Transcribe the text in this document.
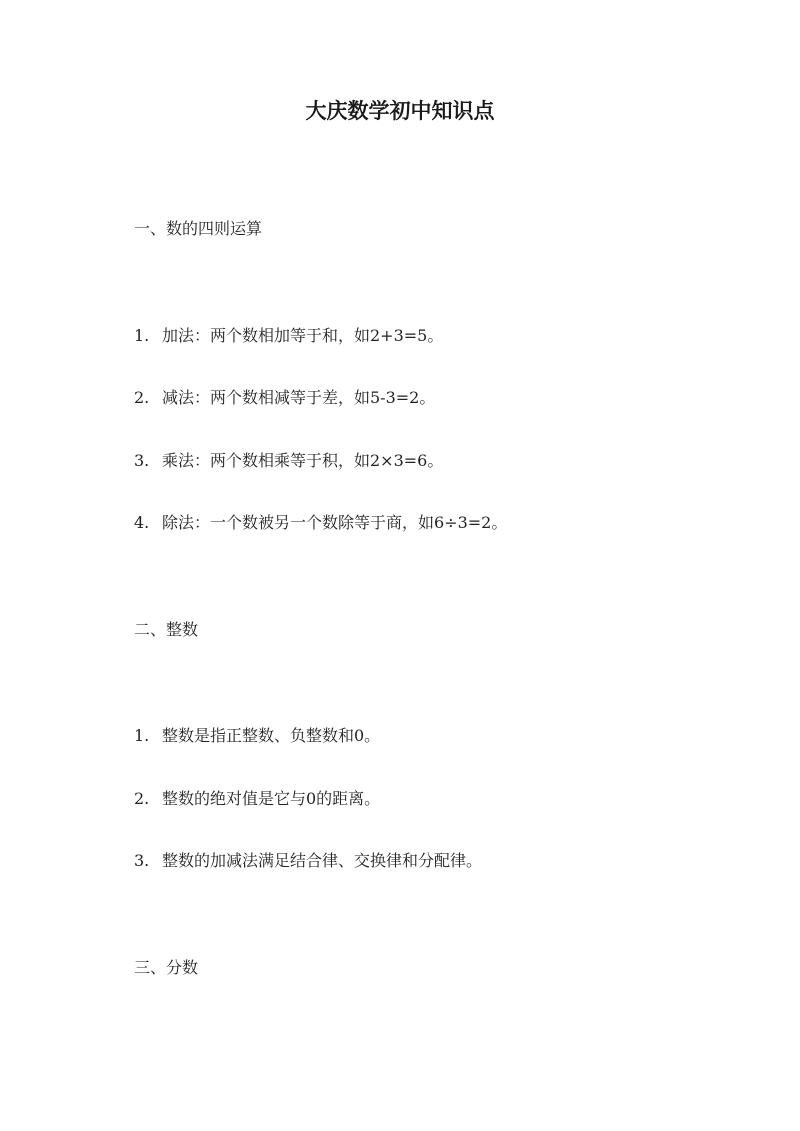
大庆数学初中知识点
一、数的四则运算
1. 加法：两个数相加等于和，如2+3=5。
2. 减法：两个数相减等于差，如5-3=2。
3. 乘法：两个数相乘等于积，如2×3=6。
4. 除法：一个数被另一个数除等于商，如6÷3=2。
二、整数
1. 整数是指正整数、负整数和0。
2. 整数的绝对值是它与0的距离。
3. 整数的加减法满足结合律、交换律和分配律。
三、分数
